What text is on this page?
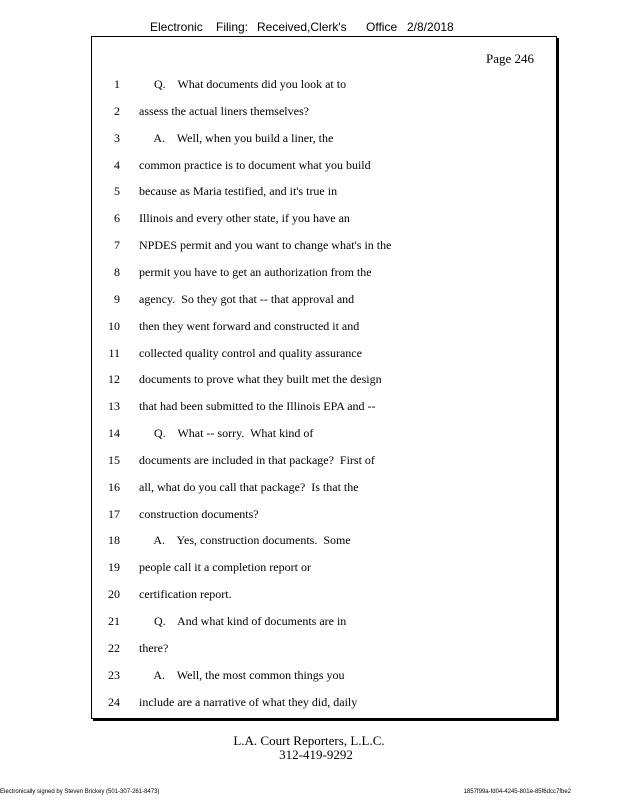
Electronic Filing: Received,Clerk's Office 2/8/2018
Page 246
1 Q.    What documents did you look at to
2 assess the actual liners themselves?
3 A.    Well, when you build a liner, the
4 common practice is to document what you build
5 because as Maria testified, and it's true in
6 Illinois and every other state, if you have an
7 NPDES permit and you want to change what's in the
8 permit you have to get an authorization from the
9 agency.  So they got that -- that approval and
10 then they went forward and constructed it and
11 collected quality control and quality assurance
12 documents to prove what they built met the design
13 that had been submitted to the Illinois EPA and --
14 Q.    What -- sorry.  What kind of
15 documents are included in that package?  First of
16 all, what do you call that package?  Is that the
17 construction documents?
18 A.    Yes, construction documents.  Some
19 people call it a completion report or
20 certification report.
21 Q.    And what kind of documents are in
22 there?
23 A.    Well, the most common things you
24 include are a narrative of what they did, daily
L.A. Court Reporters, L.L.C.
312-419-9292
Electronically signed by Steven Brickey (501-307-261-8473)	1857f99a-fd04-4245-801e-85f6dcc7fbe2
